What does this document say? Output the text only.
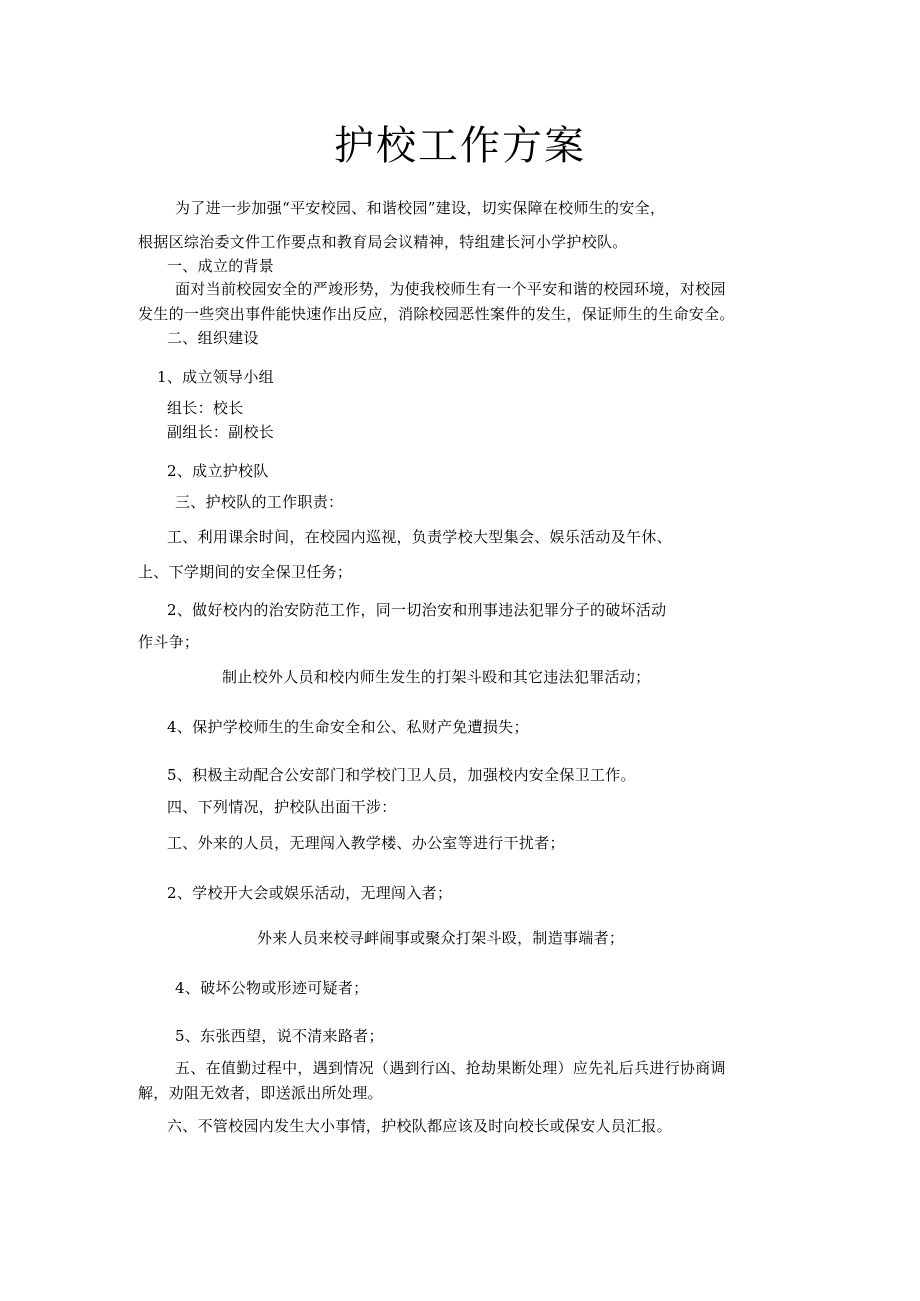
护校工作方案
为了进一步加强“平安校园、和谐校园”建设，切实保障在校师生的安全，
根据区综治委文件工作要点和教育局会议精神，特组建长河小学护校队。
一、成立的背景
面对当前校园安全的严竣形势，为使我校师生有一个平安和谐的校园环境，对校园
发生的一些突出事件能快速作出反应，消除校园恶性案件的发生，保证师生的生命安全。
二、组织建设
1、成立领导小组
组长：校长
副组长：副校长
2、成立护校队
三、护校队的工作职责：
工、利用课余时间，在校园内巡视，负责学校大型集会、娱乐活动及午休、
上、下学期间的安全保卫任务；
2、做好校内的治安防范工作，同一切治安和刑事违法犯罪分子的破坏活动
作斗争；
制止校外人员和校内师生发生的打架斗殴和其它违法犯罪活动；
4、保护学校师生的生命安全和公、私财产免遭损失；
5、积极主动配合公安部门和学校门卫人员，加强校内安全保卫工作。
四、下列情况，护校队出面干涉：
工、外来的人员，无理闯入教学楼、办公室等进行干扰者；
2、学校开大会或娱乐活动，无理闯入者；
外来人员来校寻衅闹事或聚众打架斗殴，制造事端者；
4、破坏公物或形迹可疑者；
5、东张西望，说不清来路者；
五、在值勤过程中，遇到情况（遇到行凶、抢劫果断处理）应先礼后兵进行协商调
解，劝阻无效者，即送派出所处理。
六、不管校园内发生大小事情，护校队都应该及时向校长或保安人员汇报。
